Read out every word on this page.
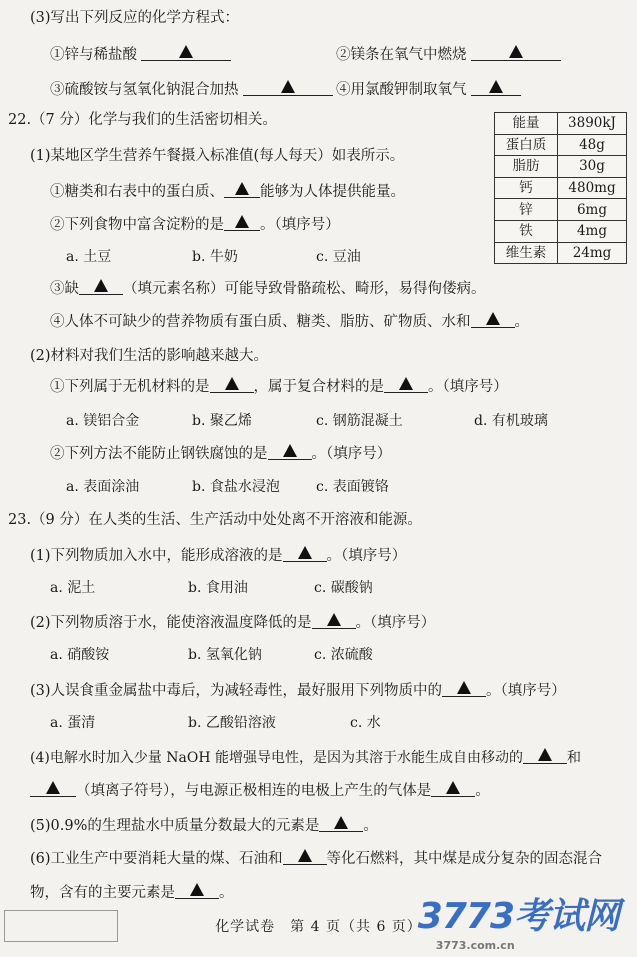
(3)写出下列反应的化学方程式：
①锌与稀盐酸	②镁条在氧气中燃烧
③硫酸铵与氢氧化钠混合加热	④用氯酸钾制取氧气
能量	3890kJ
蛋白质	48g
脂肪	30g
钙	480mg
锌	6mg
铁	4mg
维生素	24mg
22.（7 分）化学与我们的生活密切相关。
(1)某地区学生营养午餐摄入标准值(每人每天）如表所示。
①糖类和右表中的蛋白质、 能够为人体提供能量。
②下列食物中富含淀粉的是 。（填序号）
a. 土豆	b. 牛奶	c. 豆油
③缺	（填元素名称）可能导致骨骼疏松、畸形，易得佝偻病。
④人体不可缺少的营养物质有蛋白质、糖类、脂肪、矿物质、水和	。
(2)材料对我们生活的影响越来越大。
①下列属于无机材料的是	，属于复合材料的是	。（填序号）
a. 镁铝合金	b. 聚乙烯	c. 钢筋混凝土	d. 有机玻璃
②下列方法不能防止钢铁腐蚀的是	。（填序号）
a. 表面涂油	b. 食盐水浸泡	c. 表面镀铬
23.（9 分）在人类的生活、生产活动中处处离不开溶液和能源。
(1)下列物质加入水中，能形成溶液的是	。（填序号）
a. 泥土	b. 食用油	c. 碳酸钠
(2)下列物质溶于水，能使溶液温度降低的是	。（填序号）
a. 硝酸铵	b. 氢氧化钠	c. 浓硫酸
(3)人误食重金属盐中毒后，为减轻毒性，最好服用下列物质中的	。（填序号）
a. 蛋清	b. 乙酸铅溶液	c. 水
(4)电解水时加入少量 NaOH 能增强导电性，是因为其溶于水能生成自由移动的	和
（填离子符号），与电源正极相连的电极上产生的气体是	。
(5)0.9%的生理盐水中质量分数最大的元素是	。
(6)工业生产中要消耗大量的煤、石油和	等化石燃料，其中煤是成分复杂的固态混合
物，含有的主要元素是	。
化学试卷　第 4 页（共 6 页）
3773考试网
3773.com.cn
